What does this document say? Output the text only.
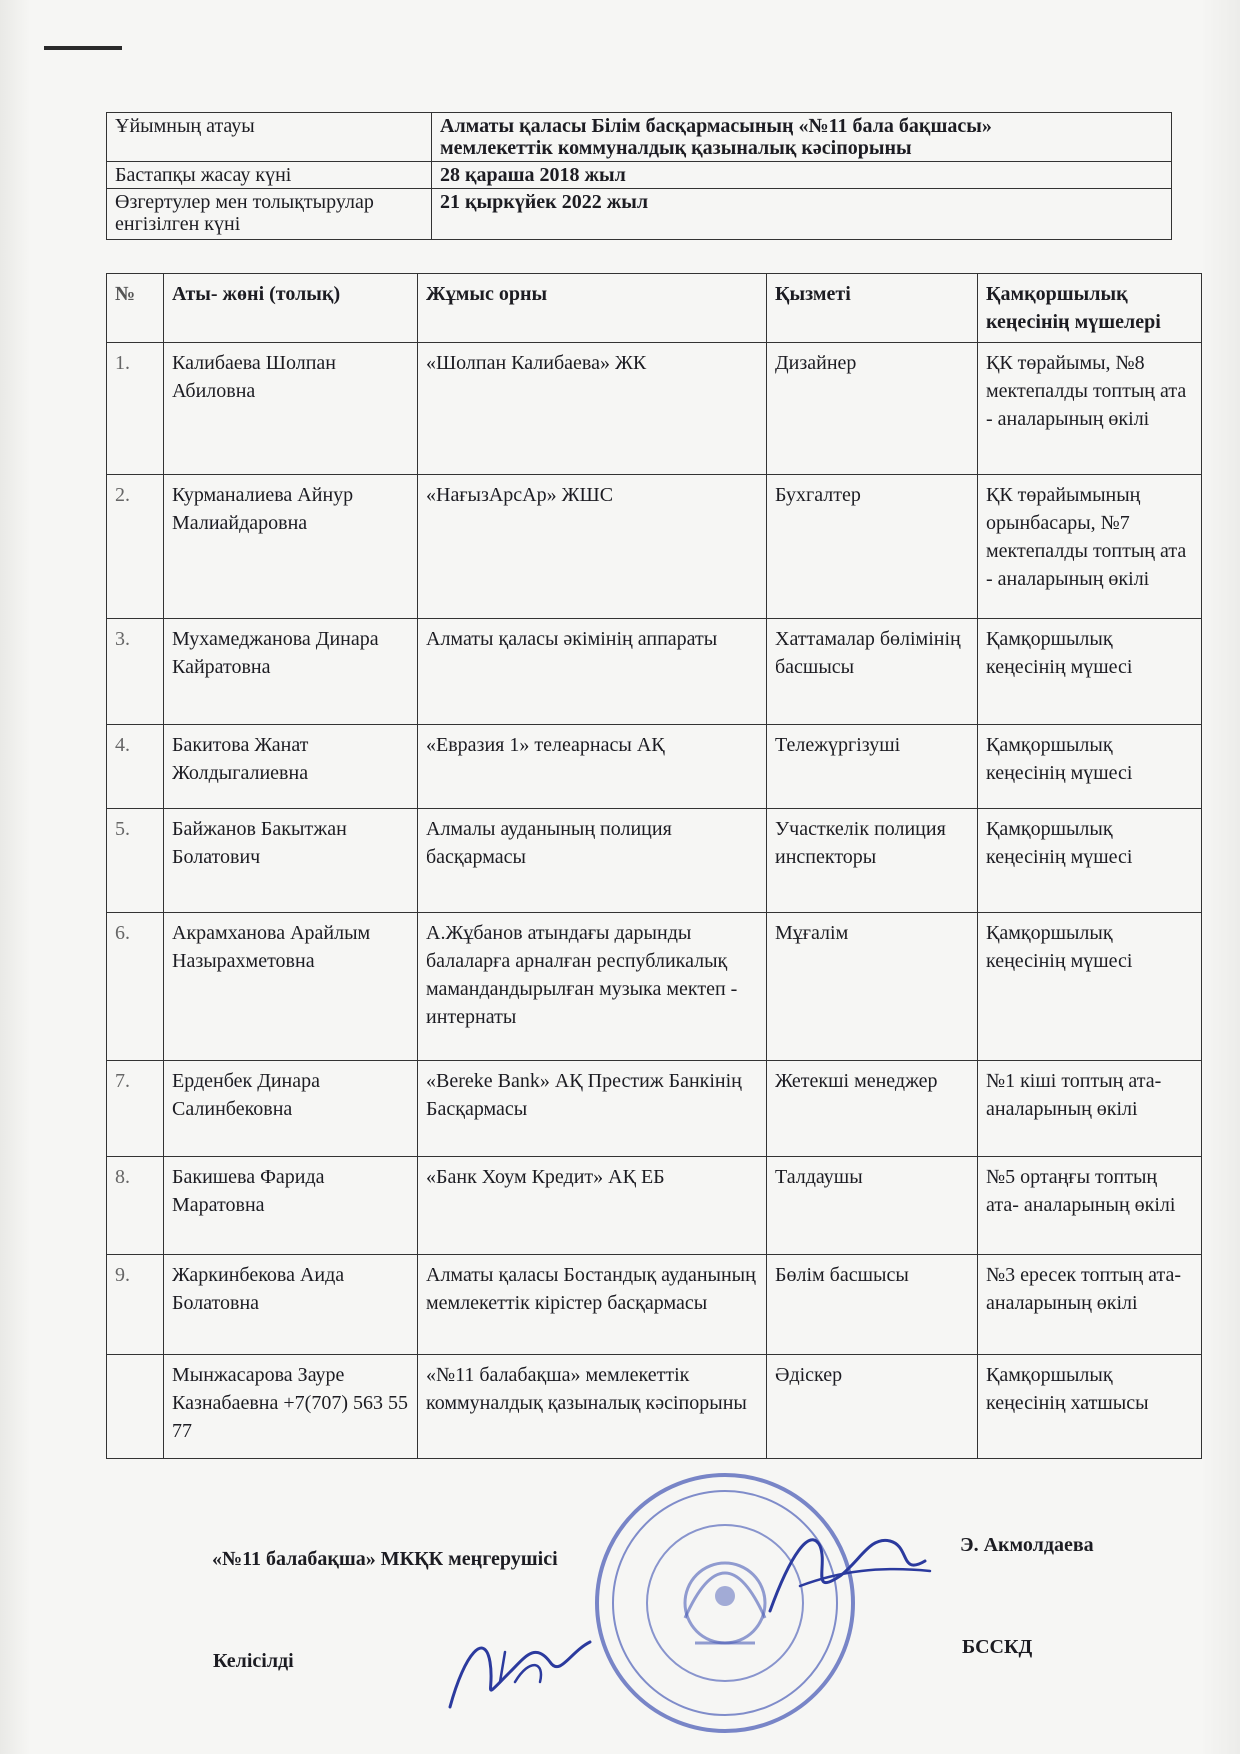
Ұйымның атауы	Алматы қаласы Білім басқармасының «№11 бала бақшасы»
мемлекеттік коммуналдық қазыналық кәсіпорыны

Бастапқы жасау күні	28 қараша 2018 жыл
Өзгертулер мен толықтырулар енгізілген күні	21 қыркүйек 2022 жыл
№	Аты- жөні (толық)	Жұмыс орны	Қызметі	Қамқоршылық кеңесінің мүшелері
1.	Калибаева Шолпан Абиловна	«Шолпан Калибаева» ЖК	Дизайнер	ҚК төрайымы, №8 мектепалды топтың ата - аналарының өкілі
2.	Курманалиева Айнур Малиайдаровна	«НағызАрсАр» ЖШС	Бухгалтер	ҚК төрайымының орынбасары, №7 мектепалды топтың ата - аналарының өкілі
3.	Мухамеджанова Динара Кайратовна	Алматы қаласы әкімінің аппараты	Хаттамалар бөлімінің басшысы	Қамқоршылық кеңесінің мүшесі
4.	Бакитова Жанат Жолдыгалиевна	«Евразия 1» телеарнасы АҚ	Тележүргізуші	Қамқоршылық кеңесінің мүшесі
5.	Байжанов Бакытжан Болатович	Алмалы ауданының полиция басқармасы	Участкелік полиция инспекторы	Қамқоршылық кеңесінің мүшесі
6.	Акрамханова Арайлым Назырахметовна	А.Жұбанов атындағы дарынды балаларға арналған республикалық мамандандырылған музыка мектеп - интернаты	Мұғалім	Қамқоршылық кеңесінің мүшесі
7.	Ерденбек Динара Салинбековна	«Bereke Bank» АҚ Престиж Банкінің Басқармасы	Жетекші менеджер	№1 кіші топтың ата- аналарының өкілі
8.	Бакишева Фарида Маратовна	«Банк Хоум Кредит» АҚ ЕБ	Талдаушы	№5 ортаңғы топтың ата- аналарының өкілі
9.	Жаркинбекова Аида Болатовна	Алматы қаласы Бостандық ауданының мемлекеттік кірістер басқармасы	Бөлім басшысы	№3 ересек топтың ата- аналарының өкілі
	Мынжасарова Зауре Казнабаевна +7(707) 563 55 77	«№11 балабақша» мемлекеттік коммуналдық қазыналық кәсіпорыны	Әдіскер	Қамқоршылық кеңесінің хатшысы
«№11 балабақша» МКҚК меңгерушісі
Э. Акмолдаева
Келісілді
БССКД
